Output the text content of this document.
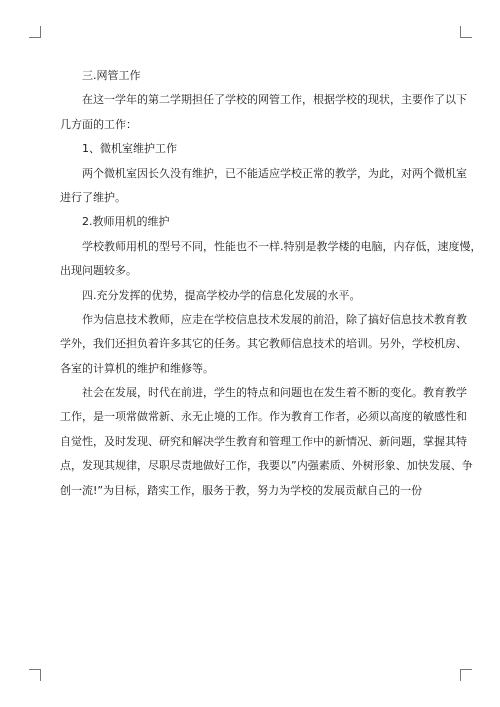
三.网管工作
在这一学年的第二学期担任了学校的网管工作，根据学校的现状，主要作了以下
几方面的工作：
1、微机室维护工作
两个微机室因长久没有维护，已不能适应学校正常的教学，为此，对两个微机室
进行了维护。
2.教师用机的维护
学校教师用机的型号不同，性能也不一样.特别是教学楼的电脑，内存低，速度慢，
出现问题较多。
四.充分发挥的优势，提高学校办学的信息化发展的水平。
作为信息技术教师，应走在学校信息技术发展的前沿，除了搞好信息技术教育教
学外，我们还担负着许多其它的任务。其它教师信息技术的培训。另外，学校机房、
各室的计算机的维护和维修等。
社会在发展，时代在前进，学生的特点和问题也在发生着不断的变化。教育教学
工作，是一项常做常新、永无止境的工作。作为教育工作者，必须以高度的敏感性和
自觉性，及时发现、研究和解决学生教育和管理工作中的新情况、新问题，掌握其特
点，发现其规律，尽职尽责地做好工作，我要以”内强素质、外树形象、加快发展、争
创一流!”为目标，踏实工作，服务于教，努力为学校的发展贡献自己的一份
